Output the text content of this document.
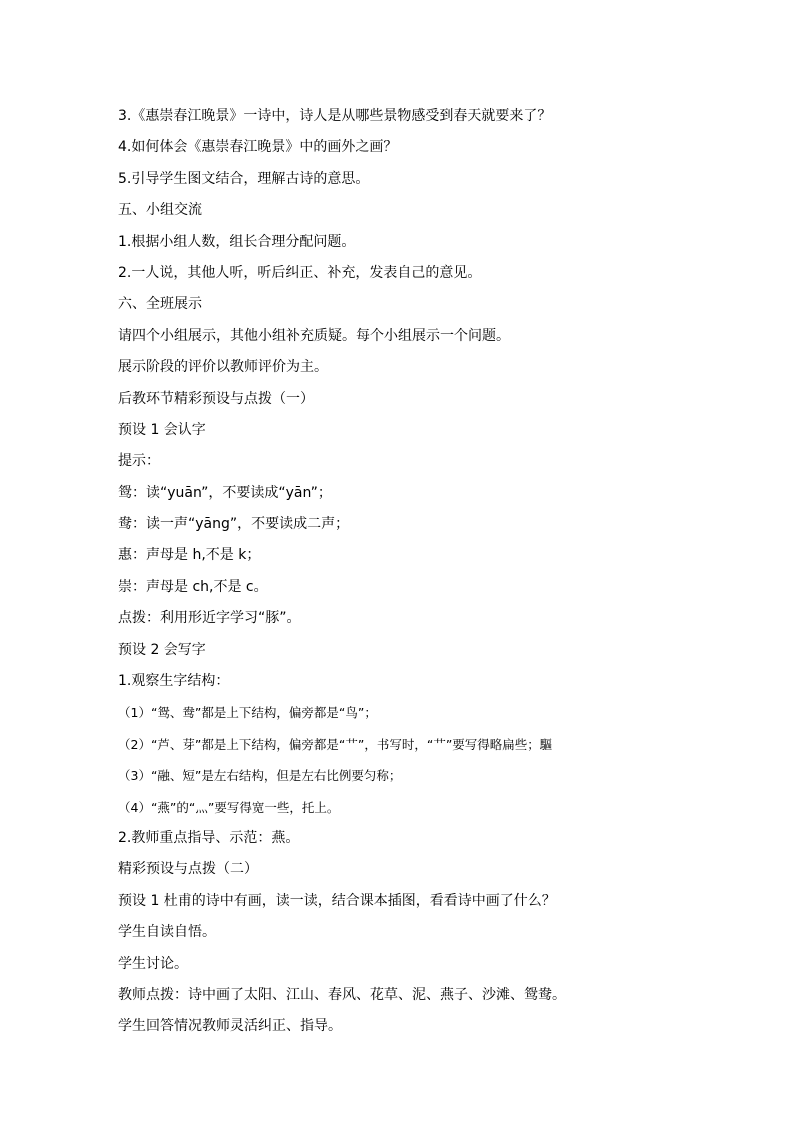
3.《惠崇春江晚景》一诗中，诗人是从哪些景物感受到春天就要来了？
4.如何体会《惠崇春江晚景》中的画外之画？
5.引导学生图文结合，理解古诗的意思。
五、小组交流
1.根据小组人数，组长合理分配问题。
2.一人说，其他人听，听后纠正、补充，发表自己的意见。
六、全班展示
请四个小组展示，其他小组补充质疑。每个小组展示一个问题。
展示阶段的评价以教师评价为主。
后教环节精彩预设与点拨（一）
预设 1 会认字
提示：
鸳：读“yuān”，不要读成“yān”；
鸯：读一声“yāng”，不要读成二声；
惠：声母是 h,不是 k；
崇：声母是 ch,不是 c。
点拨：利用形近字学习“豚”。
预设 2 会写字
1.观察生字结构：
（1）“鸳、鸯”都是上下结构，偏旁都是“鸟”；
（2）“芦、芽”都是上下结构，偏旁都是“艹”，书写时，“艹”要写得略扁些；驅
（3）“融、短”是左右结构，但是左右比例要匀称；
（4）“燕”的“灬”要写得宽一些，托上。
2.教师重点指导、示范：燕。
精彩预设与点拨（二）
预设 1 杜甫的诗中有画，读一读，结合课本插图，看看诗中画了什么？
学生自读自悟。
学生讨论。
教师点拨：诗中画了太阳、江山、春风、花草、泥、燕子、沙滩、鸳鸯。
学生回答情况教师灵活纠正、指导。
